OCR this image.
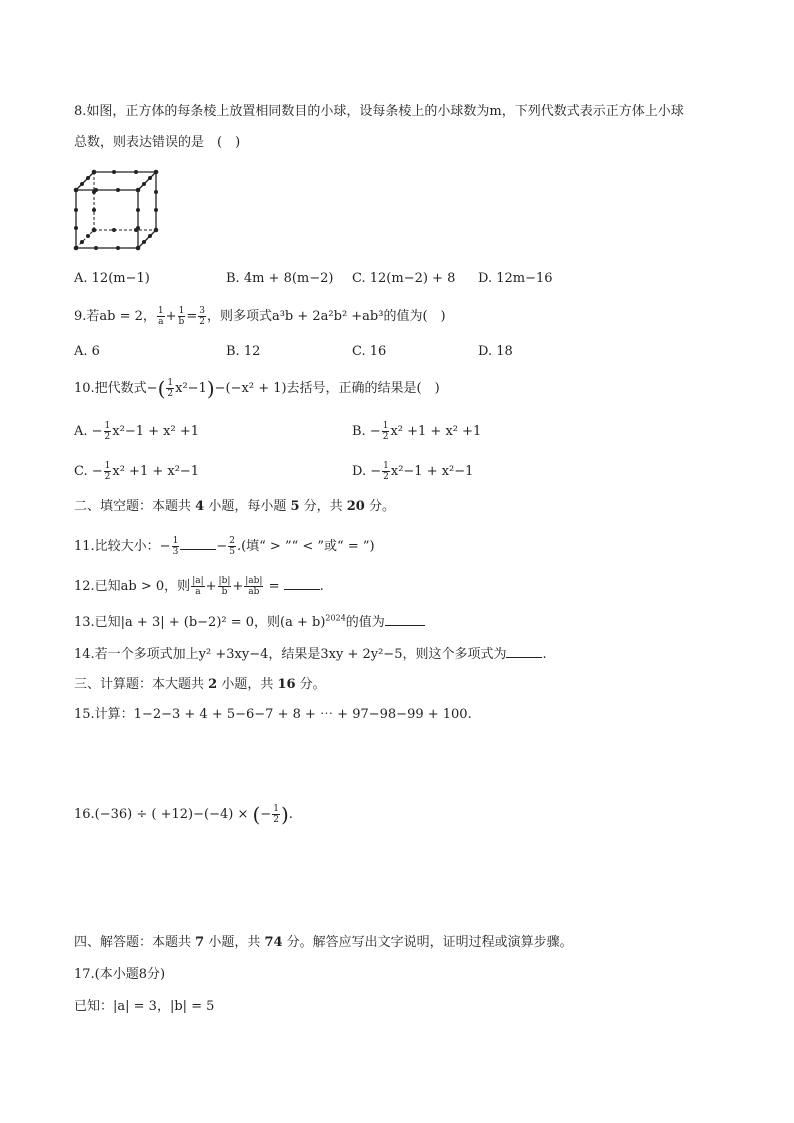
8.如图，正方体的每条棱上放置相同数目的小球，设每条棱上的小球数为m，下列代数式表示正方体上小球
总数，则表达错误的是　(　)
A. 12(m−1)	B. 4m + 8(m−2) C. 12(m−2) + 8 D. 12m−16
9.若ab = 2， $\frac{1}{a} + \frac{1}{b} = \frac{3}{2}$ ，则多项式a³b + 2a²b² +ab³的值为(　)
A. 6	B. 12	C. 16	D. 18
10.把代数式−( $\frac{1}{2} x^2-1)-(-x^2 + 1)$去括号，正确的结果是(　)
A. − $\frac{1}{2} x^2-1 + x^2 +1$	B. − $\frac{1}{2} x^2 +1 + x^2 +1$
C. − $\frac{1}{2} x^2 +1 + x^2-1$	D. − $\frac{1}{2} x^2-1 + x^2-1$
二、填空题：本题共 4 小题，每小题 5 分，共 20 分。
11.比较大小：− $\frac{1}{3}$	− $\frac{2}{5}$ .(填“ > ”“ < ”或“ = ”)
12.已知ab > 0，则 $\frac{|a|}{a} + \frac{|b|}{b} + \frac{|ab|}{ab}$ =	.
13.已知|a + 3| + (b−2)² = 0，则$(a + b)^{2024}$的值为
14.若一个多项式加上y² +3xy−4，结果是3xy + 2y²−5，则这个多项式为	.
三、计算题：本大题共 2 小题，共 16 分。
15.计算：1−2−3 + 4 + 5−6−7 + 8 + ⋯ + 97−98−99 + 100.
16.(−36) ÷ ( +12)−(−4) × (− $\frac{1}{2}$ ).
四、解答题：本题共 7 小题，共 74 分。解答应写出文字说明，证明过程或演算步骤。
17.(本小题8分)
已知：|a| = 3，|b| = 5
